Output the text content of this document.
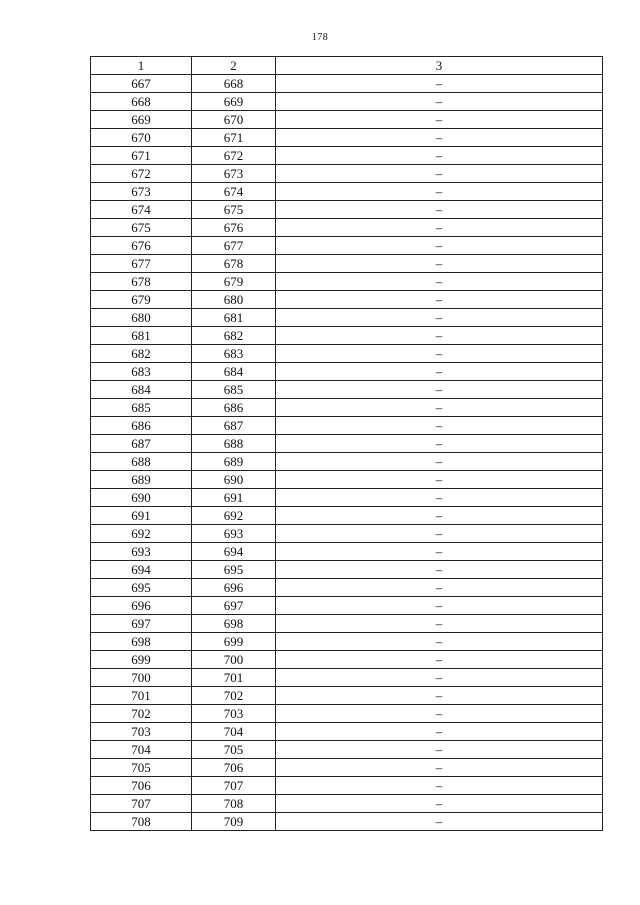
178
1	2	3
667	668	–
668	669	–
669	670	–
670	671	–
671	672	–
672	673	–
673	674	–
674	675	–
675	676	–
676	677	–
677	678	–
678	679	–
679	680	–
680	681	–
681	682	–
682	683	–
683	684	–
684	685	–
685	686	–
686	687	–
687	688	–
688	689	–
689	690	–
690	691	–
691	692	–
692	693	–
693	694	–
694	695	–
695	696	–
696	697	–
697	698	–
698	699	–
699	700	–
700	701	–
701	702	–
702	703	–
703	704	–
704	705	–
705	706	–
706	707	–
707	708	–
708	709	–
